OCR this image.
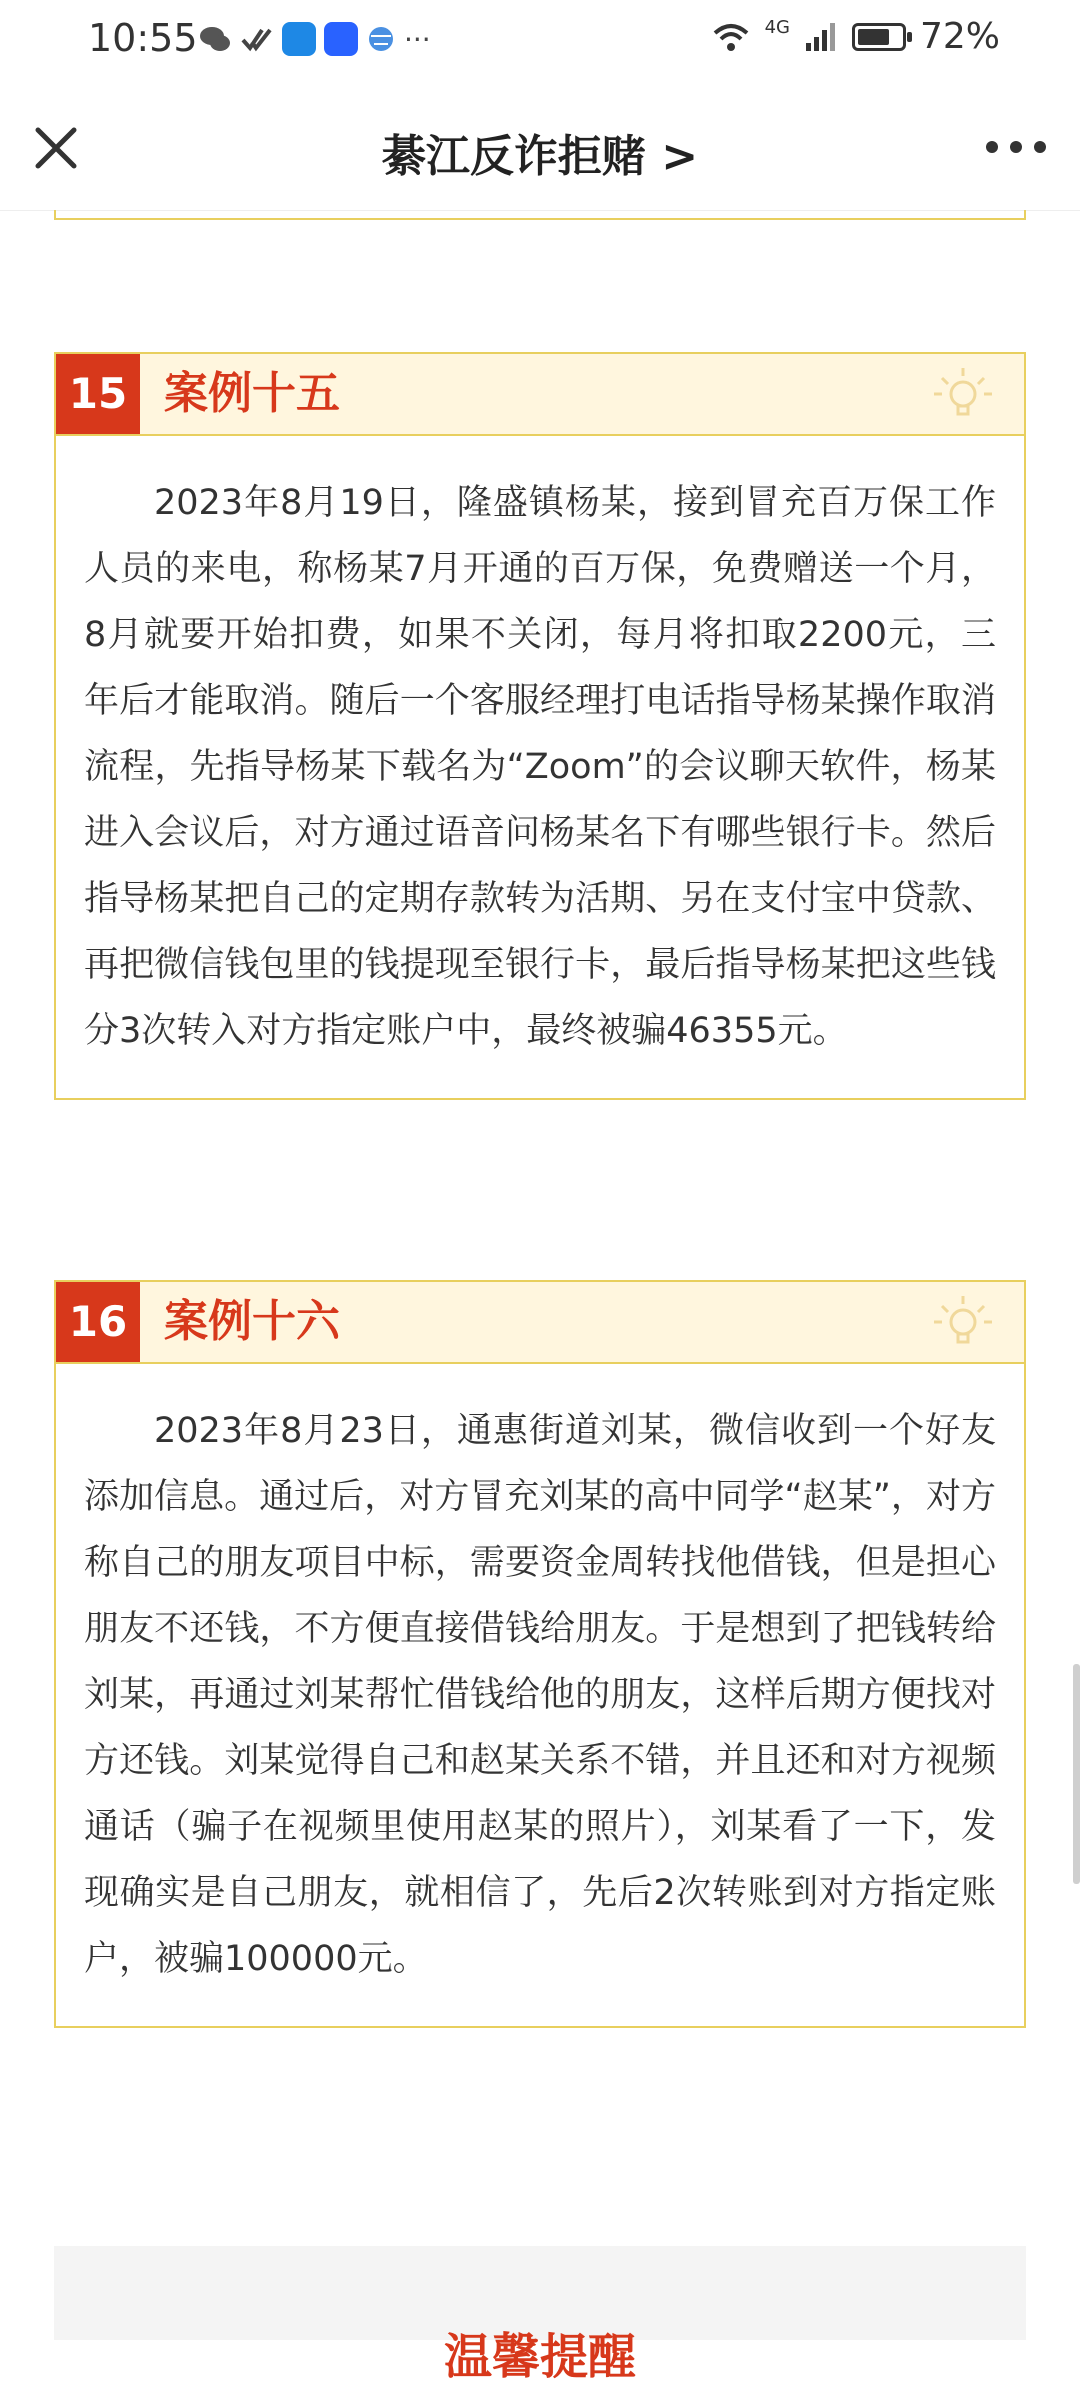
10:55	···	4G	72%
綦江反诈拒赌 >
15 案例十五
2023年8月19日，隆盛镇杨某，接到冒充百万保工作人员的来电，称杨某7月开通的百万保，免费赠送一个月，8月就要开始扣费，如果不关闭，每月将扣取2200元，三年后才能取消。随后一个客服经理打电话指导杨某操作取消流程，先指导杨某下载名为“Zoom”的会议聊天软件，杨某进入会议后，对方通过语音问杨某名下有哪些银行卡。然后指导杨某把自己的定期存款转为活期、另在支付宝中贷款、再把微信钱包里的钱提现至银行卡，最后指导杨某把这些钱分3次转入对方指定账户中，最终被骗46355元。
16 案例十六
2023年8月23日，通惠街道刘某，微信收到一个好友添加信息。通过后，对方冒充刘某的高中同学“赵某”，对方称自己的朋友项目中标，需要资金周转找他借钱，但是担心朋友不还钱，不方便直接借钱给朋友。于是想到了把钱转给刘某，再通过刘某帮忙借钱给他的朋友，这样后期方便找对方还钱。刘某觉得自己和赵某关系不错，并且还和对方视频通话（骗子在视频里使用赵某的照片），刘某看了一下，发现确实是自己朋友，就相信了，先后2次转账到对方指定账户，被骗100000元。
温馨提醒
